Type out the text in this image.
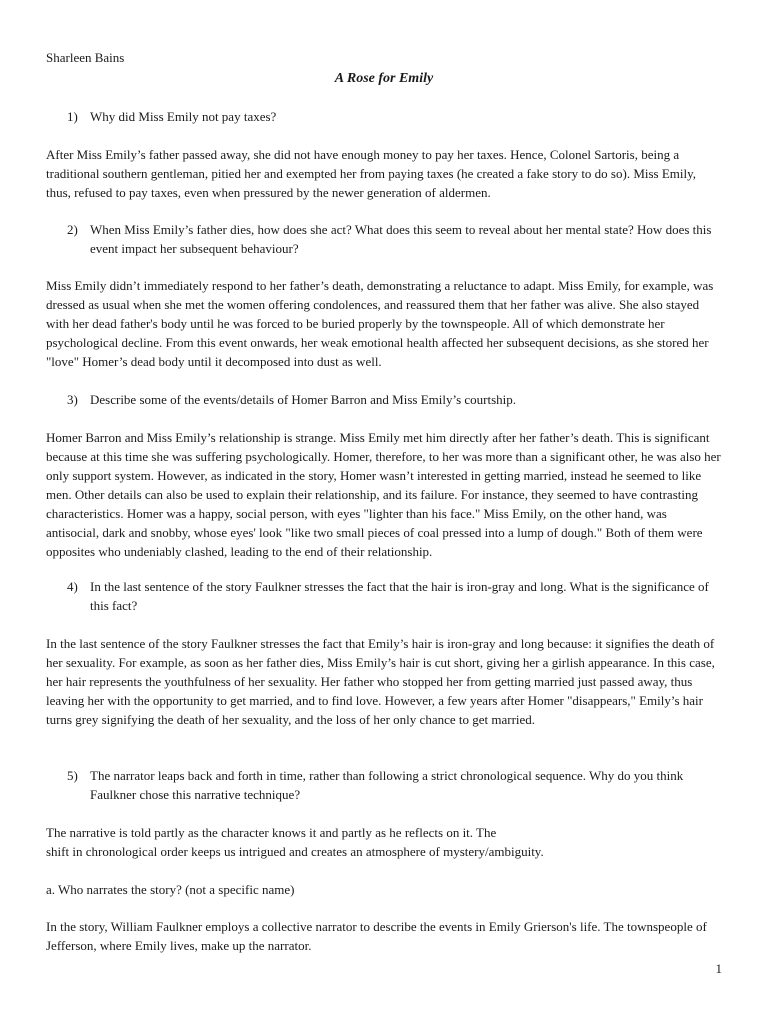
Sharleen Bains
A Rose for Emily
1) Why did Miss Emily not pay taxes?

After Miss Emily’s father passed away, she did not have enough money to pay her taxes. Hence, Colonel Sartoris, being a traditional southern gentleman, pitied her and exempted her from paying taxes (he created a fake story to do so). Miss Emily, thus, refused to pay taxes, even when pressured by the newer generation of aldermen.

2) When Miss Emily’s father dies, how does she act? What does this seem to reveal about her mental state? How does this event impact her subsequent behaviour?

Miss Emily didn’t immediately respond to her father’s death, demonstrating a reluctance to adapt. Miss Emily, for example, was dressed as usual when she met the women offering condolences, and reassured them that her father was alive. She also stayed with her dead father's body until he was forced to be buried properly by the townspeople. All of which demonstrate her psychological decline. From this event onwards, her weak emotional health affected her subsequent decisions, as she stored her "love" Homer’s dead body until it decomposed into dust as well.

3) Describe some of the events/details of Homer Barron and Miss Emily’s courtship.

Homer Barron and Miss Emily’s relationship is strange. Miss Emily met him directly after her father’s death. This is significant because at this time she was suffering psychologically. Homer, therefore, to her was more than a significant other, he was also her only support system. However, as indicated in the story, Homer wasn’t interested in getting married, instead he seemed to like men. Other details can also be used to explain their relationship, and its failure. For instance, they seemed to have contrasting characteristics. Homer was a happy, social person, with eyes "lighter than his face." Miss Emily, on the other hand, was antisocial, dark and snobby, whose eyes' look "like two small pieces of coal pressed into a lump of dough." Both of them were opposites who undeniably clashed, leading to the end of their relationship.

4) In the last sentence of the story Faulkner stresses the fact that the hair is iron-gray and long. What is the significance of this fact?

In the last sentence of the story Faulkner stresses the fact that Emily’s hair is iron-gray and long because: it signifies the death of her sexuality. For example, as soon as her father dies, Miss Emily’s hair is cut short, giving her a girlish appearance. In this case, her hair represents the youthfulness of her sexuality. Her father who stopped her from getting married just passed away, thus leaving her with the opportunity to get married, and to find love. However, a few years after Homer "disappears," Emily’s hair turns grey signifying the death of her sexuality, and the loss of her only chance to get married.

5) The narrator leaps back and forth in time, rather than following a strict chronological sequence. Why do you think Faulkner chose this narrative technique?

The narrative is told partly as the character knows it and partly as he reflects on it. The
shift in chronological order keeps us intrigued and creates an atmosphere of mystery/ambiguity.

a. Who narrates the story? (not a specific name)

In the story, William Faulkner employs a collective narrator to describe the events in Emily Grierson's life. The townspeople of Jefferson, where Emily lives, make up the narrator.

1
